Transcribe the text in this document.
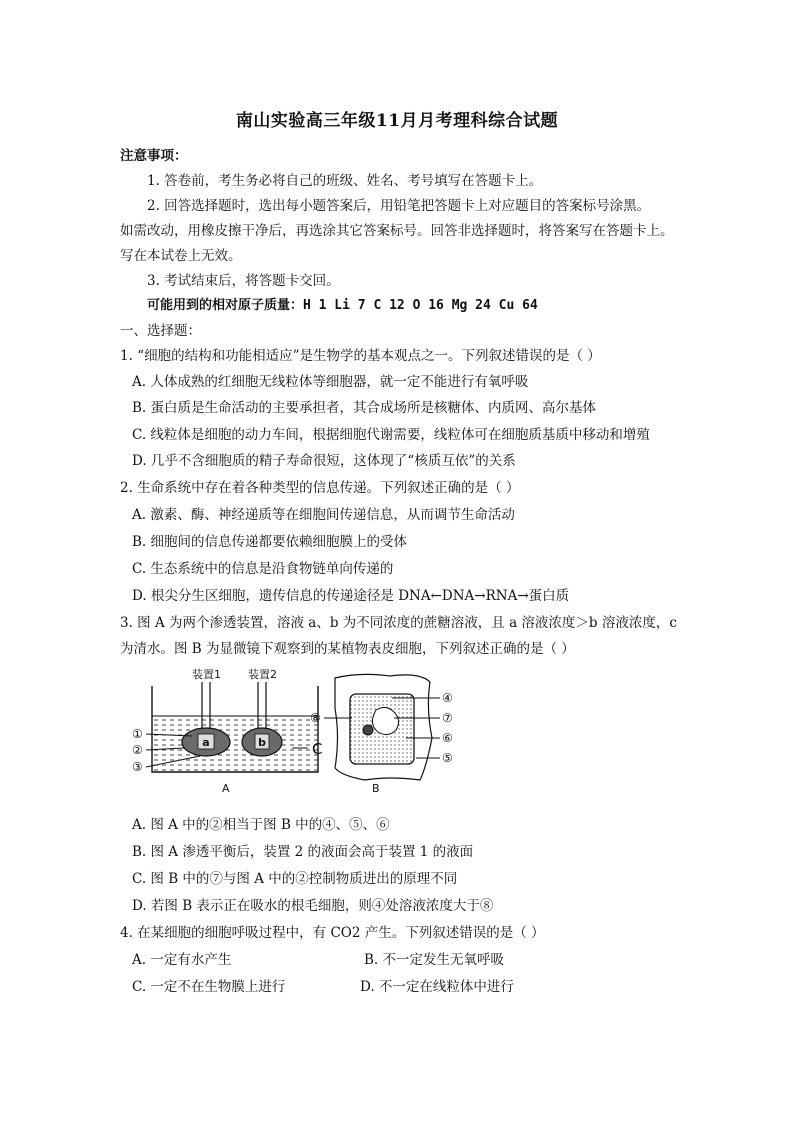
南山实验高三年级11月月考理科综合试题
注意事项：
1. 答卷前，考生务必将自己的班级、姓名、考号填写在答题卡上。
2. 回答选择题时，选出每小题答案后，用铅笔把答题卡上对应题目的答案标号涂黑。
如需改动，用橡皮擦干净后，再选涂其它答案标号。回答非选择题时，将答案写在答题卡上。
写在本试卷上无效。
3. 考试结束后，将答题卡交回。
可能用到的相对原子质量：H 1 Li 7 C 12 O 16 Mg 24 Cu 64
一、选择题：
1. “细胞的结构和功能相适应”是生物学的基本观点之一。下列叙述错误的是（ ）
A. 人体成熟的红细胞无线粒体等细胞器，就一定不能进行有氧呼吸
B. 蛋白质是生命活动的主要承担者，其合成场所是核糖体、内质网、高尔基体
C. 线粒体是细胞的动力车间，根据细胞代谢需要，线粒体可在细胞质基质中移动和增殖
D. 几乎不含细胞质的精子寿命很短，这体现了“核质互依”的关系
2. 生命系统中存在着各种类型的信息传递。下列叙述正确的是（ ）
A. 激素、酶、神经递质等在细胞间传递信息，从而调节生命活动
B. 细胞间的信息传递都要依赖细胞膜上的受体
C. 生态系统中的信息是沿食物链单向传递的
D. 根尖分生区细胞，遗传信息的传递途径是 DNA←DNA→RNA→蛋白质
3. 图 A 为两个渗透装置，溶液 a、b 为不同浓度的蔗糖溶液，且 a 溶液浓度＞b 溶液浓度，c
为清水。图 B 为显微镜下观察到的某植物表皮细胞，下列叙述正确的是（ ）
a
装置1
b
装置2
①
②
③
C
A
⑧
④
⑦
⑥
⑤
B
A. 图 A 中的②相当于图 B 中的④、⑤、⑥
B. 图 A 渗透平衡后，装置 2 的液面会高于装置 1 的液面
C. 图 B 中的⑦与图 A 中的②控制物质进出的原理不同
D. 若图 B 表示正在吸水的根毛细胞，则④处溶液浓度大于⑧
4. 在某细胞的细胞呼吸过程中，有 CO2 产生。下列叙述错误的是（ ）
A. 一定有水产生	B. 不一定发生无氧呼吸
C. 一定不在生物膜上进行	D. 不一定在线粒体中进行
